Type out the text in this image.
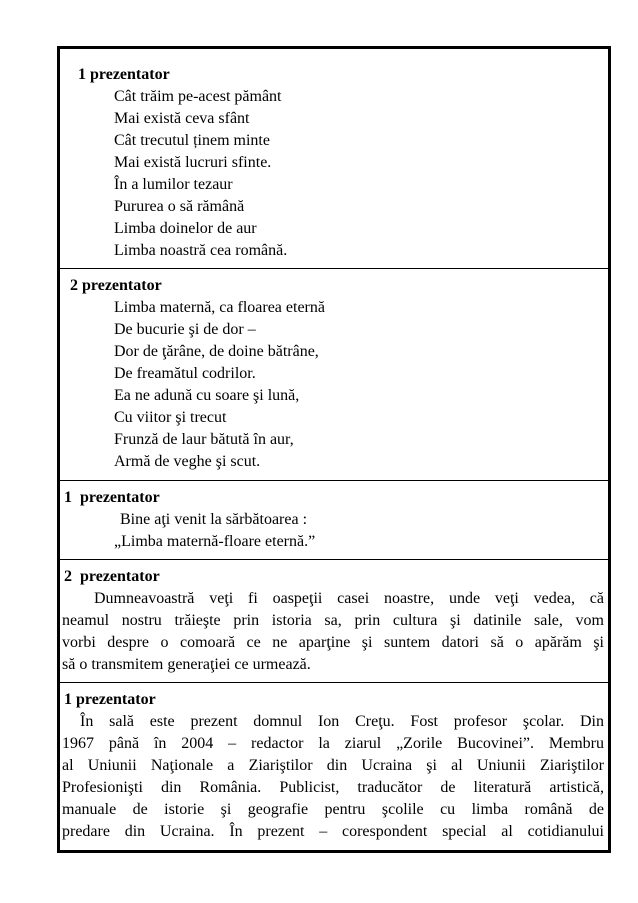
1 prezentator
Cât trăim pe-acest pământ
Mai există ceva sfânt
Cât trecutul ținem minte
Mai există lucruri sfinte.
În a lumilor tezaur
Pururea o să rămână
Limba doinelor de aur
Limba noastră cea română.
2 prezentator
Limba maternă, ca floarea eternă
De bucurie şi de dor –
Dor de ţărâne, de doine bătrâne,
De freamătul codrilor.
Ea ne adună cu soare şi lună,
Cu viitor şi trecut
Frunză de laur bătută în aur,
Armă de veghe şi scut.
1  prezentator
Bine aţi venit la sărbătoarea :
„Limba maternă-floare eternă.”
2  prezentator
Dumneavoastră veţi fi oaspeţii casei noastre, unde veţi vedea, că
neamul nostru trăieşte prin istoria sa, prin cultura şi datinile sale, vom
vorbi despre o comoară ce ne aparţine şi suntem datori să o apărăm şi
să o transmitem generaţiei ce urmează.
1 prezentator
În sală este prezent domnul Ion Creţu. Fost profesor şcolar. Din
1967 până în 2004 – redactor la ziarul „Zorile Bucovinei”. Membru
al Uniunii Naţionale a Ziariştilor din Ucraina şi al Uniunii Ziariştilor
Profesionişti din România. Publicist, traducător de literatură artistică,
manuale de istorie şi geografie pentru şcolile cu limba română de
predare din Ucraina. În prezent – corespondent special al cotidianului
